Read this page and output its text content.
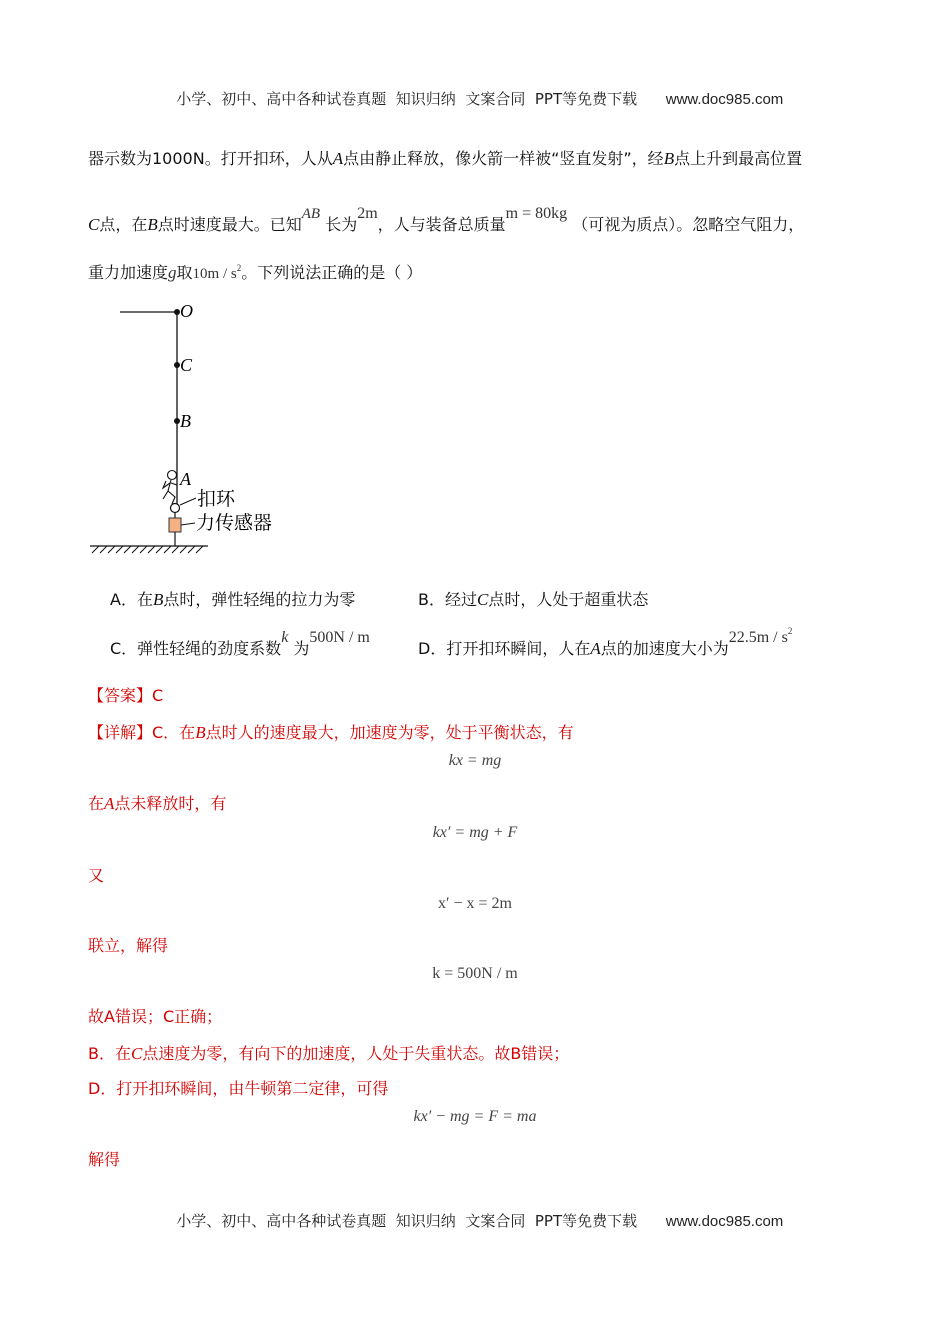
小学、初中、高中各种试卷真题  知识归纳  文案合同  PPT等免费下载 www.doc985.com

器示数为1000N。打开扣环，人从A点由静止释放，像火箭一样被“竖直发射”，经B点上升到最高位置
C点，在B点时速度最大。已知AB 长为2m，人与装备总质量m = 80kg （可视为质点）。忽略空气阻力，
重力加速度g取$10m / s^2$。下列说法正确的是（ ）
O
C
B
A
扣环
力传感器
A．在B点时，弹性轻绳的拉力为零	B．经过C点时，人处于超重状态
C．弹性轻绳的劲度系数k 为500N / m
D．打开扣环瞬间，人在A点的加速度大小为$22.5m / s^2$
【答案】C
【详解】C．在B点时人的速度最大，加速度为零，处于平衡状态，有
kx = mg
在A点未释放时，有
kx′ = mg + F
又
x′ − x = 2m
联立，解得
k = 500N / m
故A错误；C正确；
B．在C点速度为零，有向下的加速度，人处于失重状态。故B错误；
D．打开扣环瞬间，由牛顿第二定律，可得
kx′ − mg = F = ma
解得

小学、初中、高中各种试卷真题  知识归纳  文案合同  PPT等免费下载 www.doc985.com
